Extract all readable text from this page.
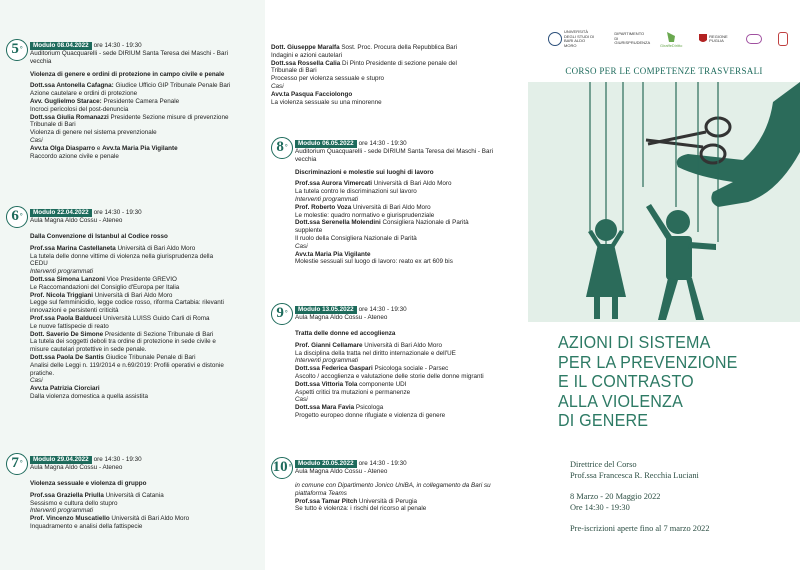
5 °	Modulo 08.04.2022 ore 14:30 - 19:30
Auditorium Quacquarelli - sede DIRIUM Santa Teresa dei Maschi - Bari
vecchia
Violenza di genere e ordini di protezione in campo civile e penale
Dott.ssa Antonella Cafagna: Giudice Ufficio GIP Tribunale Penale Bari
Azione cautelare e ordini di protezione
Avv. Guglielmo Starace: Presidente Camera Penale
Incroci pericolosi del post-denuncia
Dott.ssa Giulia Romanazzi Presidente Sezione misure di prevenzione
Tribunale di Bari
Violenza di genere nel sistema prevenzionale
Casi
Avv.ta Olga Diasparro e Avv.ta Maria Pia Vigilante
Raccordo azione civile e penale
6 °	Modulo 22.04.2022 ore 14:30 - 19:30
Aula Magna Aldo Cossu - Ateneo
Dalla Convenzione di Istanbul al Codice rosso
Prof.ssa Marina Castellaneta Università di Bari Aldo Moro
La tutela delle donne vittime di violenza nella giurisprudenza della
CEDU
Interventi programmati
Dott.ssa Simona Lanzoni Vice Presidente GREVIO
Le Raccomandazioni del Consiglio d'Europa per Italia
Prof. Nicola Triggiani Università di Bari Aldo Moro
Legge sul femminicidio, legge codice rosso, riforma Cartabia: rilevanti
innovazioni e persistenti criticità
Prof.ssa Paola Balducci Università LUISS Guido Carli di Roma
Le nuove fattispecie di reato
Dott. Saverio De Simone Presidente di Sezione Tribunale di Bari
La tutela dei soggetti deboli tra ordine di protezione in sede civile e
misure cautelari protettive in sede penale.
Dott.ssa Paola De Santis Giudice Tribunale Penale di Bari
Analisi delle Leggi n. 119/2014 e n.69/2019: Profili operativi e distonie
pratiche.
Casi
Avv.ta Patrizia Ciorciari
Dalla violenza domestica a quella assistita
7 °	Modulo 29.04.2022 ore 14:30 - 19:30
Aula Magna Aldo Cossu - Ateneo
Violenza sessuale e violenza di gruppo
Prof.ssa Graziella Priulla Università di Catania
Sessismo e cultura dello stupro
Interventi programmati
Prof. Vincenzo Muscatiello Università di Bari Aldo Moro
Inquadramento e analisi della fattispecie
Dott. Giuseppe Maralfa Sost. Proc. Procura della Repubblica Bari
Indagini e azioni cautelari
Dott.ssa Rossella Calia Di Pinto Presidente di sezione penale del
Tribunale di Bari
Processo per violenza sessuale e stupro
Casi
Avv.ta Pasqua Facciolongo
La violenza sessuale su una minorenne
8 °	Modulo 06.05.2022 ore 14:30 - 19:30
Auditorium Quacquarelli - sede DIRIUM Santa Teresa dei Maschi - Bari
vecchia
Discriminazioni e molestie sui luoghi di lavoro
Prof.ssa Aurora Vimercati Università di Bari Aldo Moro
La tutela contro le discriminazioni sul lavoro
Interventi programmati
Prof. Roberto Voza Università di Bari Aldo Moro
Le molestie: quadro normativo e giurisprudenziale
Dott.ssa Serenella Molendini Consigliera Nazionale di Parità
supplente
Il ruolo della Consigliera Nazionale di Parità
Casi
Avv.ta Maria Pia Vigilante
Molestie sessuali sul luogo di lavoro: reato ex art 609 bis
9 °	Modulo 13.05.2022 ore 14:30 - 19:30
Aula Magna Aldo Cossu - Ateneo
Tratta delle donne ed accoglienza
Prof. Gianni Cellamare Università di Bari Aldo Moro
La disciplina della tratta nel diritto internazionale e dell'UE
Interventi programmati
Dott.ssa Federica Gaspari Psicologa sociale - Parsec
Ascolto / accoglienza e valutazione delle storie delle donne migranti
Dott.ssa Vittoria Tola componente UDI
Aspetti critici tra mutazioni e permanenze
Casi
Dott.ssa Mara Favia Psicologa
Progetto europeo donne rifugiate e violenza di genere
10 °	Modulo 20.05.2022 ore 14:30 - 19:30
Aula Magna Aldo Cossu - Ateneo
in comune con Dipartimento Jonico UniBA, in collegamento da Bari su
piattaforma Teams
Prof.ssa Tamar Pitch Università di Perugia
Se tutto è violenza: i rischi del ricorso al penale
UNIVERSITÀ DEGLI STUDI DI BARI ALDO MORO
DIPARTIMENTO DI GIURISPRUDENZA
GiraffeDiritto
REGIONE PUGLIA
CORSO PER LE COMPETENZE TRASVERSALI
AZIONI DI SISTEMA
PER LA PREVENZIONE
E IL CONTRASTO
ALLA VIOLENZA
DI GENERE
Direttrice del Corso
Prof.ssa Francesca R. Recchia Luciani
8 Marzo - 20 Maggio 2022
Ore 14:30 - 19:30
Pre-iscrizioni aperte fino al 7 marzo 2022
